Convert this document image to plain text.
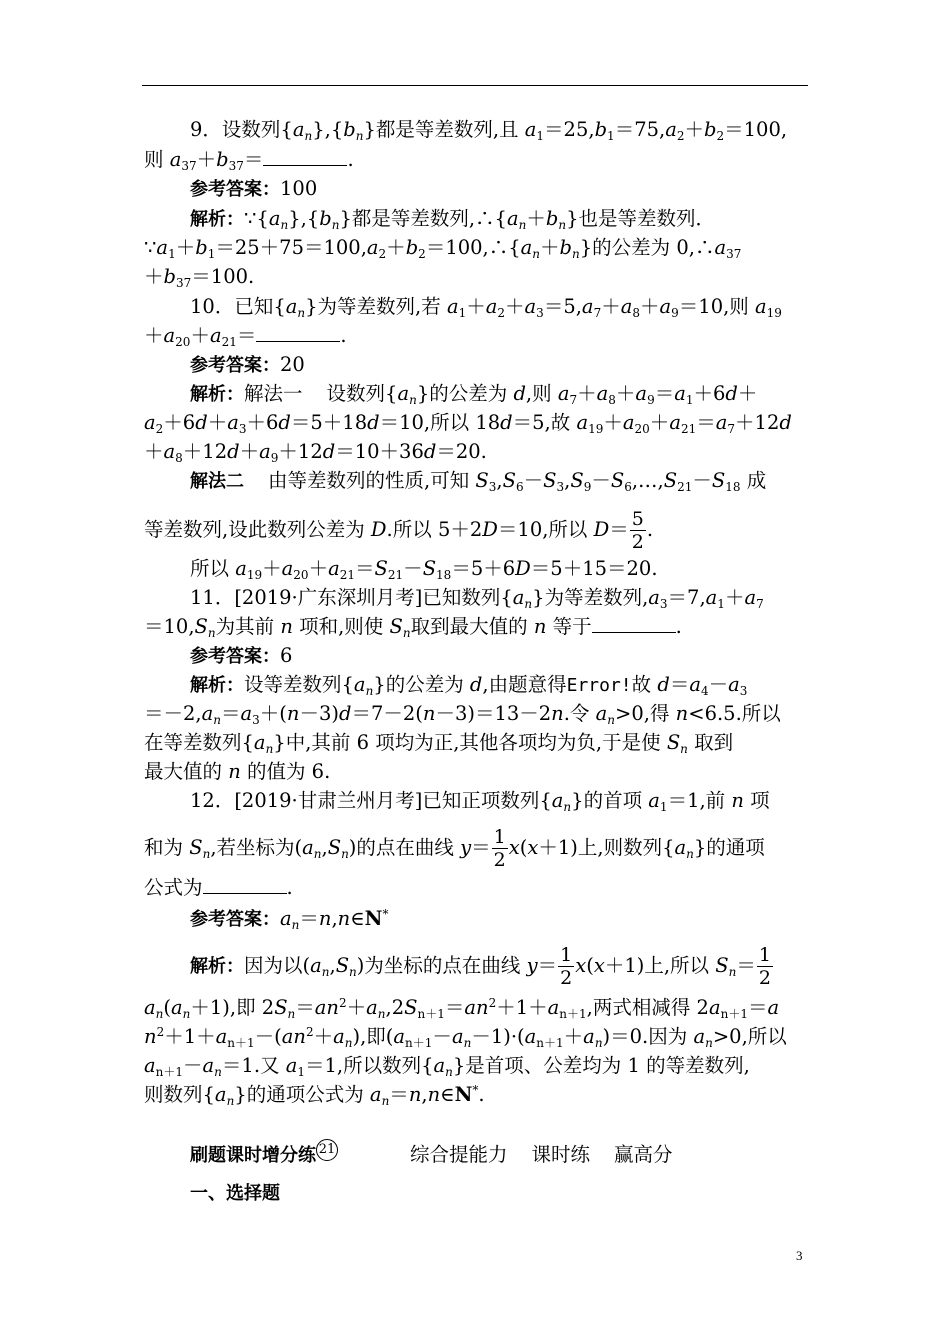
9．设数列$\{a_n\},\{b_n\}$都是等差数列,且 $a_1=25,b_1=75,a_2+b_2=100$,
则 $a_{37}+b_{37}=$	.
参考答案：100
解析：$\because\{a_n\},\{b_n\}$都是等差数列$,\therefore\{a_n+b_n\}$也是等差数列．
$\because a_1+b_1=25+75=100,a_2+b_2=100,\therefore\{a_n+b_n\}$的公差为 $0,\therefore a_{37}$
$+b_{37}=100$.
10．已知$\{a_n\}$为等差数列,若 $a_1+a_2+a_3=5,a_7+a_8+a_9=10$,则 $a_{19}$
$+a_{20}+a_{21}=$	.
参考答案：20
解析：解法一 设数列$\{a_n\}$的公差为 d,则 $a_7+a_8+a_9=a_1+6d+$
$a_2+6d+a_3+6d=5+18d=10$,所以 18d＝5,故 $a_{19}+a_{20}+a_{21}=a_7+12d$
$+a_8+12d+a_9+12d=10+36d=20$.
解法二 由等差数列的性质,可知 $S_3,S_6-S_3,S_9-S_6,\dots,S_{21}-S_{18}$ 成
等差数列,设此数列公差为 D.所以 5＋2D＝10,所以 $D= \frac{5}{2}$ .
所以 $a_{19}+a_{20}+a_{21}=S_{21}-S_{18}=5+6D=5+15=20$.
11．[2019·广东深圳月考]已知数列$\{a_n\}$为等差数列$,a_3=7,a_1+a_7$
$=10,S_n$为其前 n 项和,则使 $S_n$取到最大值的 n 等于	.
参考答案：6
解析：设等差数列$\{a_n\}$的公差为 d,由题意得Error!故 $d=a_4-a_3$
$=-2,a_n=a_3+(n-3)d=7-2(n-3)=13-2n$.令 $a_n>0$,得 n<6.5.所以
在等差数列$\{a_n\}$中,其前 6 项均为正,其他各项均为负,于是使 $S_n$ 取到
最大值的 n 的值为 6.
12．[2019·甘肃兰州月考]已知正项数列$\{a_n\}$的首项 $a_1=1$,前 n 项
和为 $S_n$,若坐标为$(a_n,S_n)$的点在曲线 $y= \frac{1}{2} x(x+1)$上,则数列$\{a_n\}$的通项
公式为	.
参考答案：$a_n=n,n\in N^*$
解析：因为以$(a_n,S_n)$为坐标的点在曲线 $y= \frac{1}{2} x(x+1)$上,所以 $S_n= \frac{1}{2}$
$a_n(a_n+1)$,即 $2S_n=an^2+a_n,2S_{n+1}=an^2+1+a_{n+1}$,两式相减得 $2a_{n+1}=a$
$n^2+1+a_{n+1}-(an^2+a_n)$,即$(a_{n+1}-a_n-1)\cdot(a_{n+1}+a_n)=0$.因为 $a_n>0$,所以
$a_{n+1}-a_n=1$.又 $a_1=1$,所以数列$\{a_n\}$是首项、公差均为 1 的等差数列,
则数列$\{a_n\}$的通项公式为 $a_n=n,n\in N^*$.
刷题课时增分练 21	综合提能力 课时练 赢高分
一、选择题
3
